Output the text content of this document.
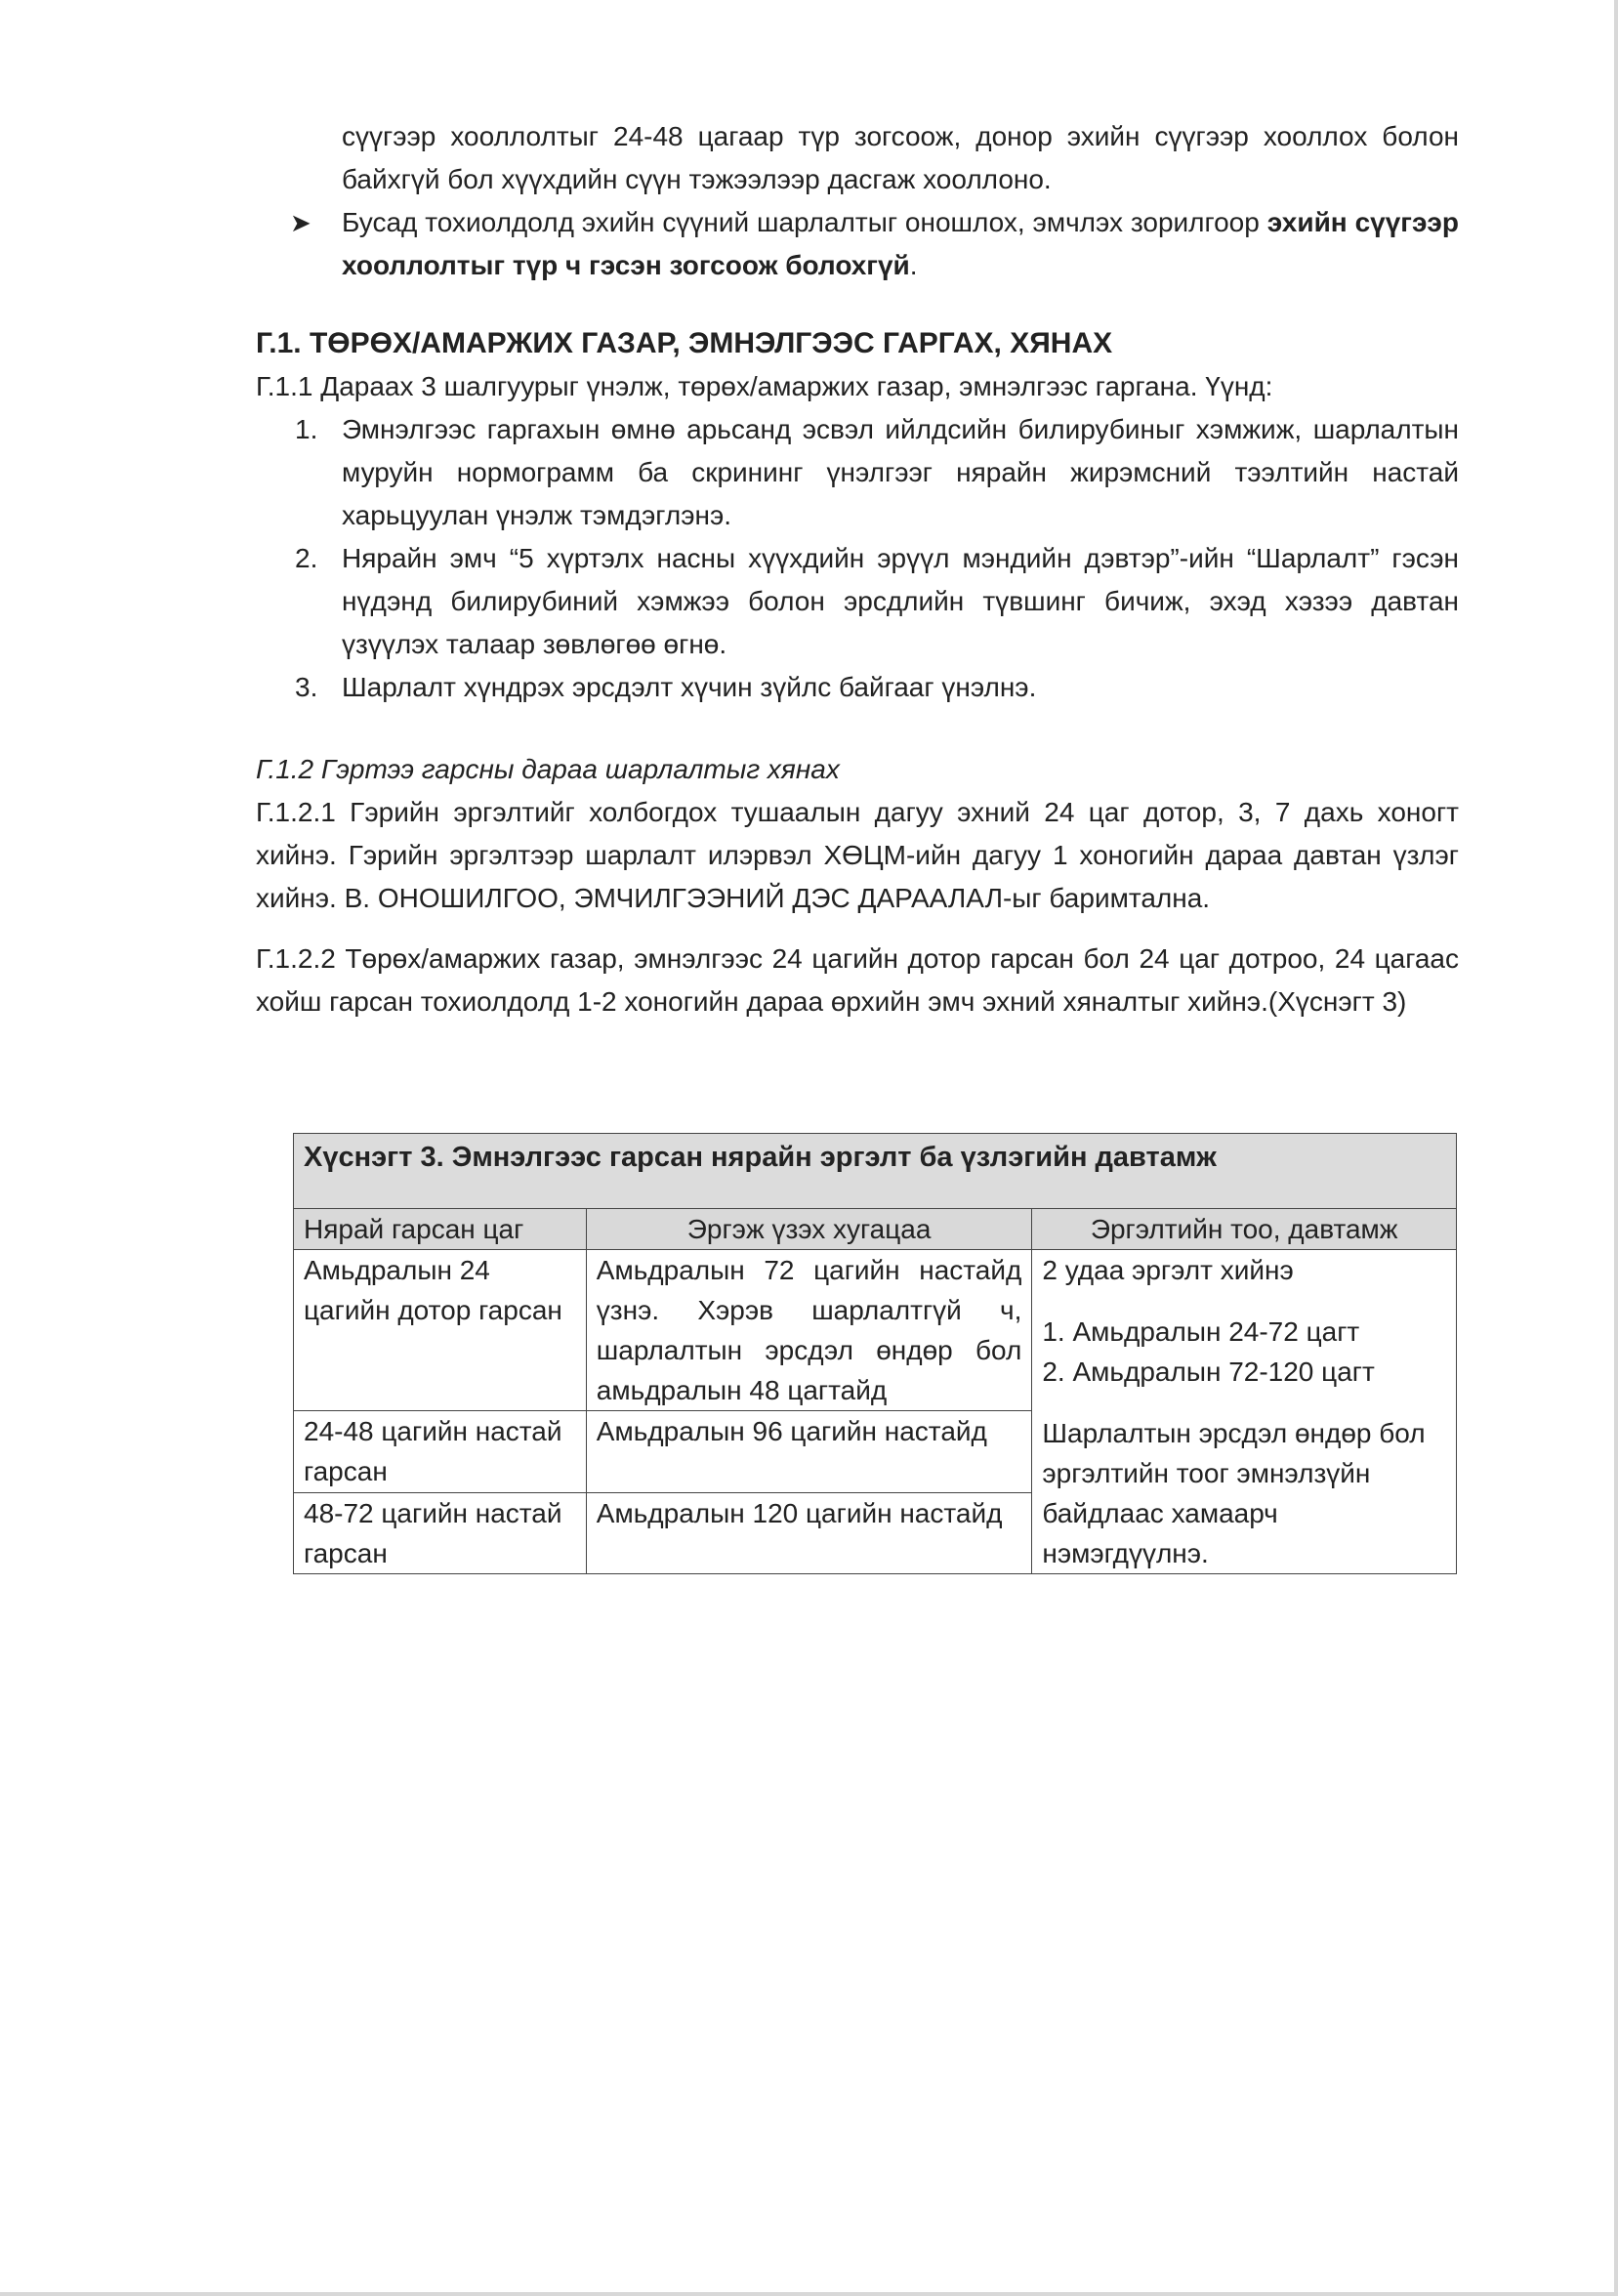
сүүгээр хооллолтыг 24-48 цагаар түр зогсоож, донор эхийн сүүгээр хооллох болон байхгүй бол хүүхдийн сүүн тэжээлээр дасгаж хооллоно.

➤	Бусад тохиолдолд эхийн сүүний шарлалтыг оношлох, эмчлэх зорилгоор эхийн сүүгээр хооллолтыг түр ч гэсэн зогсоож болохгүй.
Г.1. ТӨРӨХ/АМАРЖИХ ГАЗАР, ЭМНЭЛГЭЭС ГАРГАХ, ХЯНАХ

Г.1.1 Дараах 3 шалгуурыг үнэлж, төрөх/амаржих газар, эмнэлгээс гаргана. Үүнд:

1. Эмнэлгээс гаргахын өмнө арьсанд эсвэл ийлдсийн билирубиныг хэмжиж, шарлалтын муруйн нормограмм ба скрининг үнэлгээг нярайн жирэмсний тээлтийн настай харьцуулан үнэлж тэмдэглэнэ.
2. Нярайн эмч “5 хүртэлх насны хүүхдийн эрүүл мэндийн дэвтэр”-ийн “Шарлалт” гэсэн нүдэнд билирубиний хэмжээ болон эрсдлийн түвшинг бичиж, эхэд хэзээ давтан үзүүлэх талаар зөвлөгөө өгнө.
3. Шарлалт хүндрэх эрсдэлт хүчин зүйлс байгааг үнэлнэ.

Г.1.2 Гэртээ гарсны дараа шарлалтыг хянах

Г.1.2.1 Гэрийн эргэлтийг холбогдох тушаалын дагуу эхний 24 цаг дотор, 3, 7 дахь хоногт хийнэ. Гэрийн эргэлтээр шарлалт илэрвэл ХӨЦМ-ийн дагуу 1 хоногийн дараа давтан үзлэг хийнэ. В. ОНОШИЛГОО, ЭМЧИЛГЭЭНИЙ ДЭС ДАРААЛАЛ-ыг баримтална.

Г.1.2.2 Төрөх/амаржих газар, эмнэлгээс 24 цагийн дотор гарсан бол 24 цаг дотроо, 24 цагаас хойш гарсан тохиолдолд 1-2 хоногийн дараа өрхийн эмч эхний хяналтыг хийнэ.(Хүснэгт 3)

Хүснэгт 3. Эмнэлгээс гарсан нярайн эргэлт ба үзлэгийн давтамж		
Нярай гарсан цаг	Эргэж үзэх хугацаа	Эргэлтийн тоо, давтамж
Амьдралын 24 цагийн дотор гарсан	Амьдралын 72 цагийн настайд үзнэ. Хэрэв шарлалтгүй ч, шарлалтын эрсдэл өндөр бол амьдралын 48 цагтайд	2 удаа эргэлт хийнэ
1. Амьдралын 24-72 цагт
2. Амьдралын 72-120 цагт
Шарлалтын эрсдэл өндөр бол эргэлтийн тоог эмнэлзүйн байдлаас хамаарч нэмэгдүүлнэ.

24-48 цагийн настай гарсан	Амьдралын 96 цагийн настайд	
48-72 цагийн настай гарсан	Амьдралын 120 цагийн настайд	
